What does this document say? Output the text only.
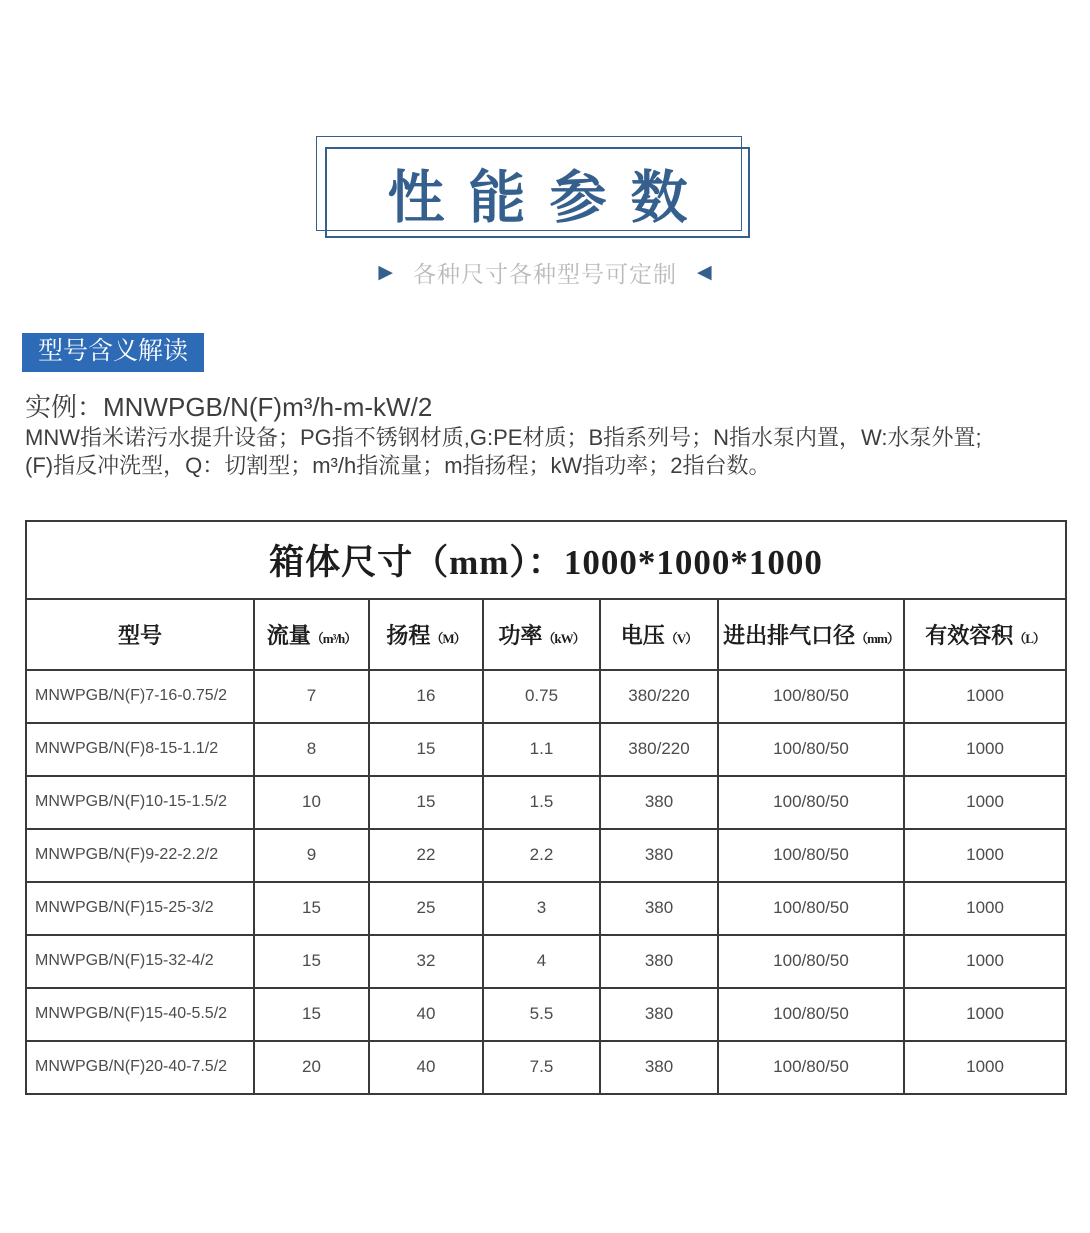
性能参数
▶ 各种尺寸各种型号可定制 ◀
型号含义解读
实例：MNWPGB/N(F)m³/h-m-kW/2
MNW指米诺污水提升设备；PG指不锈钢材质,G:PE材质；B指系列号；N指水泵内置，W:水泵外置;
(F)指反冲洗型，Q：切割型；m³/h指流量；m指扬程；kW指功率；2指台数。
箱体尺寸（mm）：1000*1000*1000						
型号	流量（m³/h）	扬程（M）	功率（kW）	电压（V）	进出排气口径（mm）	有效容积（L）
MNWPGB/N(F)7-16-0.75/2	7	16	0.75	380/220	100/80/50	1000
MNWPGB/N(F)8-15-1.1/2	8	15	1.1	380/220	100/80/50	1000
MNWPGB/N(F)10-15-1.5/2	10	15	1.5	380	100/80/50	1000
MNWPGB/N(F)9-22-2.2/2	9	22	2.2	380	100/80/50	1000
MNWPGB/N(F)15-25-3/2	15	25	3	380	100/80/50	1000
MNWPGB/N(F)15-32-4/2	15	32	4	380	100/80/50	1000
MNWPGB/N(F)15-40-5.5/2	15	40	5.5	380	100/80/50	1000
MNWPGB/N(F)20-40-7.5/2	20	40	7.5	380	100/80/50	1000
